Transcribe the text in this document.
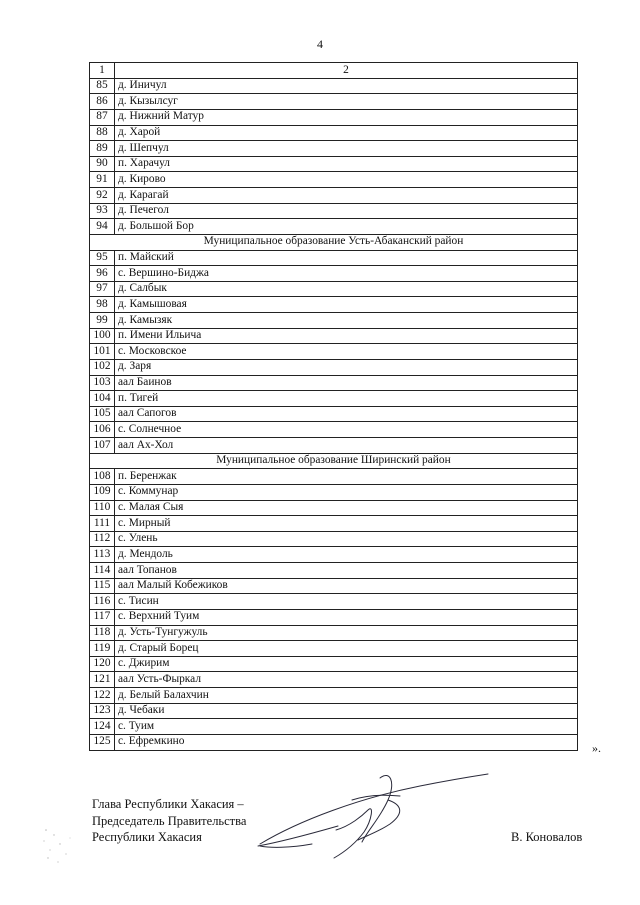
4
1	2
85	д. Иничул
86	д. Кызылсуг
87	д. Нижний Матур
88	д. Харой
89	д. Шепчул
90	п. Харачул
91	д. Кирово
92	д. Карагай
93	д. Печегол
94	д. Большой Бор
Муниципальное образование Усть-Абаканский район	
95	п. Майский
96	с. Вершино-Биджа
97	д. Салбык
98	д. Камышовая
99	д. Камызяк
100	п. Имени Ильича
101	с. Московское
102	д. Заря
103	аал Баинов
104	п. Тигей
105	аал Сапогов
106	с. Солнечное
107	аал Ах-Хол
Муниципальное образование Ширинский район	
108	п. Беренжак
109	с. Коммунар
110	с. Малая Сыя
111	с. Мирный
112	с. Улень
113	д. Мендоль
114	аал Топанов
115	аал Малый Кобежиков
116	с. Тисин
117	с. Верхний Туим
118	д. Усть-Тунгужуль
119	д. Старый Борец
120	с. Джирим
121	аал Усть-Фыркал
122	д. Белый Балахчин
123	д. Чебаки
124	с. Туим
125	с. Ефремкино	».
Глава Республики Хакасия –
Председатель Правительства
Республики Хакасия	В. Коновалов
